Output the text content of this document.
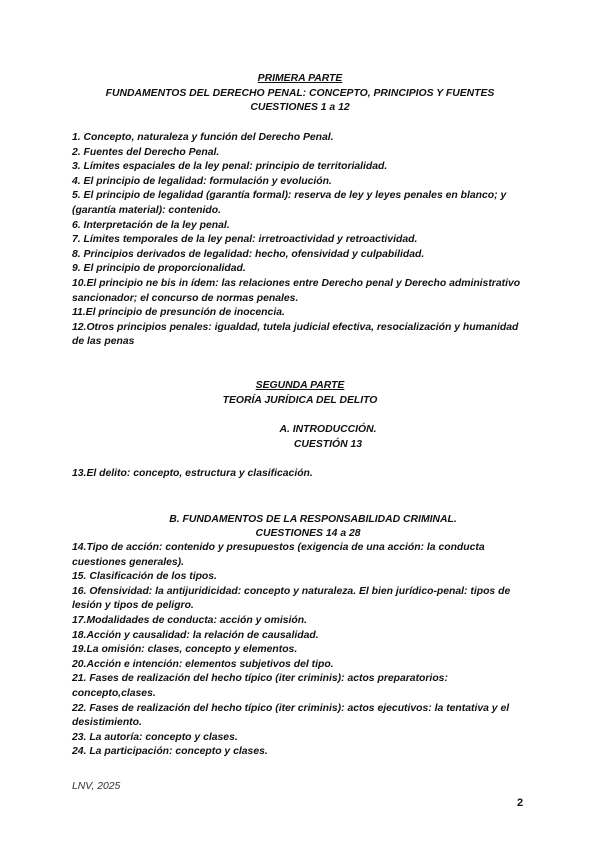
PRIMERA PARTE
FUNDAMENTOS DEL DERECHO PENAL: CONCEPTO, PRINCIPIOS Y FUENTES
CUESTIONES 1 a 12
1. Concepto, naturaleza y función del Derecho Penal.
2. Fuentes del Derecho Penal.
3. Límites espaciales de la ley penal: principio de territorialidad.
4. El principio de legalidad: formulación y evolución.
5. El principio de legalidad (garantía formal): reserva de ley y leyes penales en blanco; y (garantía material): contenido.
6. Interpretación de la ley penal.
7. Límites temporales de la ley penal: irretroactividad y retroactividad.
8. Principios derivados de legalidad: hecho, ofensividad y culpabilidad.
9. El principio de proporcionalidad.
10.El principio ne bis in ídem: las relaciones entre Derecho penal y Derecho administrativo sancionador; el concurso de normas penales.
11.El principio de presunción de inocencia.
12.Otros principios penales: igualdad, tutela judicial efectiva, resocialización y humanidad de las penas
SEGUNDA PARTE
TEORÍA JURÍDICA DEL DELITO
A. INTRODUCCIÓN.
CUESTIÓN 13
13.El delito: concepto, estructura y clasificación.
B. FUNDAMENTOS DE LA RESPONSABILIDAD CRIMINAL.
CUESTIONES 14 a 28
14.Tipo de acción: contenido y presupuestos (exigencia de una acción: la conducta cuestiones generales).
15. Clasificación de los tipos.
16. Ofensividad: la antijuridicidad: concepto y naturaleza. El bien jurídico-penal: tipos de lesión y tipos de peligro.
17.Modalidades de conducta: acción y omisión.
18.Acción y causalidad: la relación de causalidad.
19.La omisión: clases, concepto y elementos.
20.Acción e intención: elementos subjetivos del tipo.
21. Fases de realización del hecho típico (iter criminis): actos preparatorios: concepto,clases.
22. Fases de realización del hecho típico (iter criminis): actos ejecutivos: la tentativa y el desistimiento.
23. La autoría: concepto y clases.
24. La participación: concepto y clases.
LNV, 2025
2
